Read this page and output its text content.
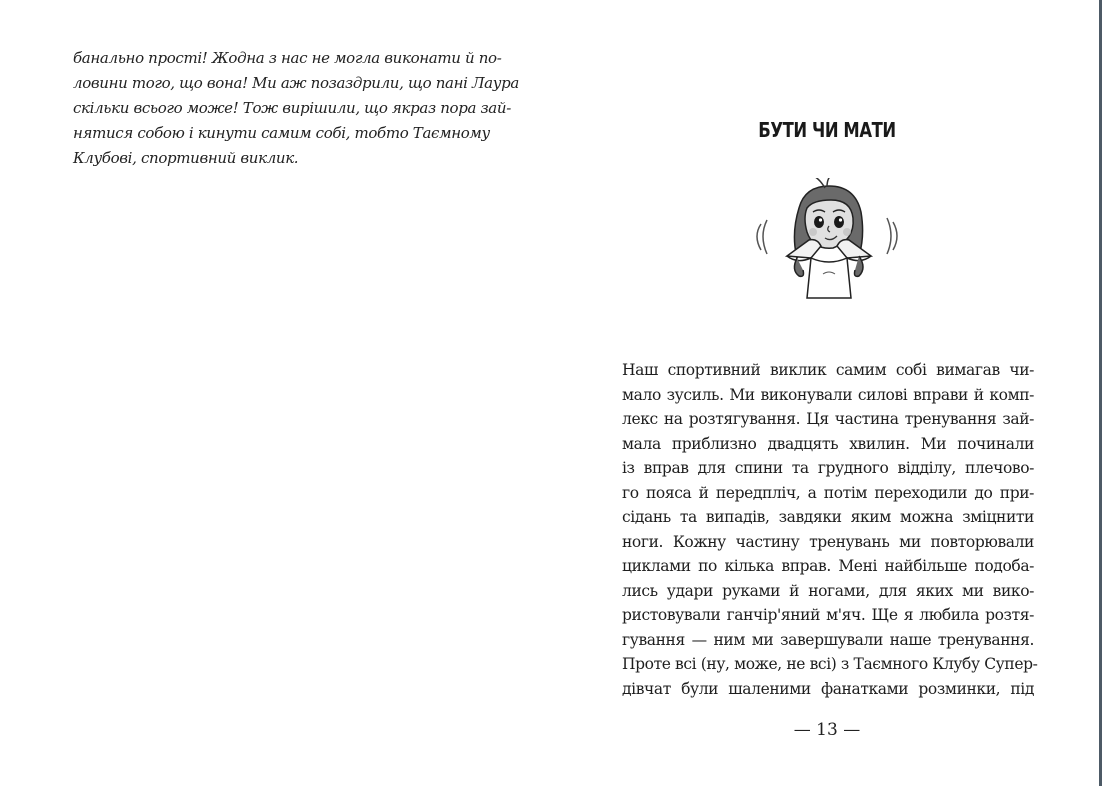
банально прості! Жодна з нас не могла виконати й по-
ловини того, що вона! Ми аж позаздрили, що пані Лаура
скільки всього може! Тож вирішили, що якраз пора зай-
нятися собою і кинути самим собі, тобто Таємному
Клубові, спортивний виклик.
БУТИ ЧИ МАТИ
Наш спортивний виклик самим собі вимагав чи-
мало зусиль. Ми виконували силові вправи й комп-
лекс на розтягування. Ця частина тренування зай-
мала приблизно двадцять хвилин. Ми починали
із вправ для спини та грудного відділу, плечово-
го пояса й передпліч, а потім переходили до при-
сідань та випадів, завдяки яким можна зміцнити
ноги. Кожну частину тренувань ми повторювали
циклами по кілька вправ. Мені найбільше подоба-
лись удари руками й ногами, для яких ми вико-
ристовували ганчір'яний м'яч. Ще я любила розтя-
гування — ним ми завершували наше тренування.
Проте всі (ну, може, не всі) з Таємного Клубу Супер-
дівчат були шаленими фанатками розминки, під
— 13 —
